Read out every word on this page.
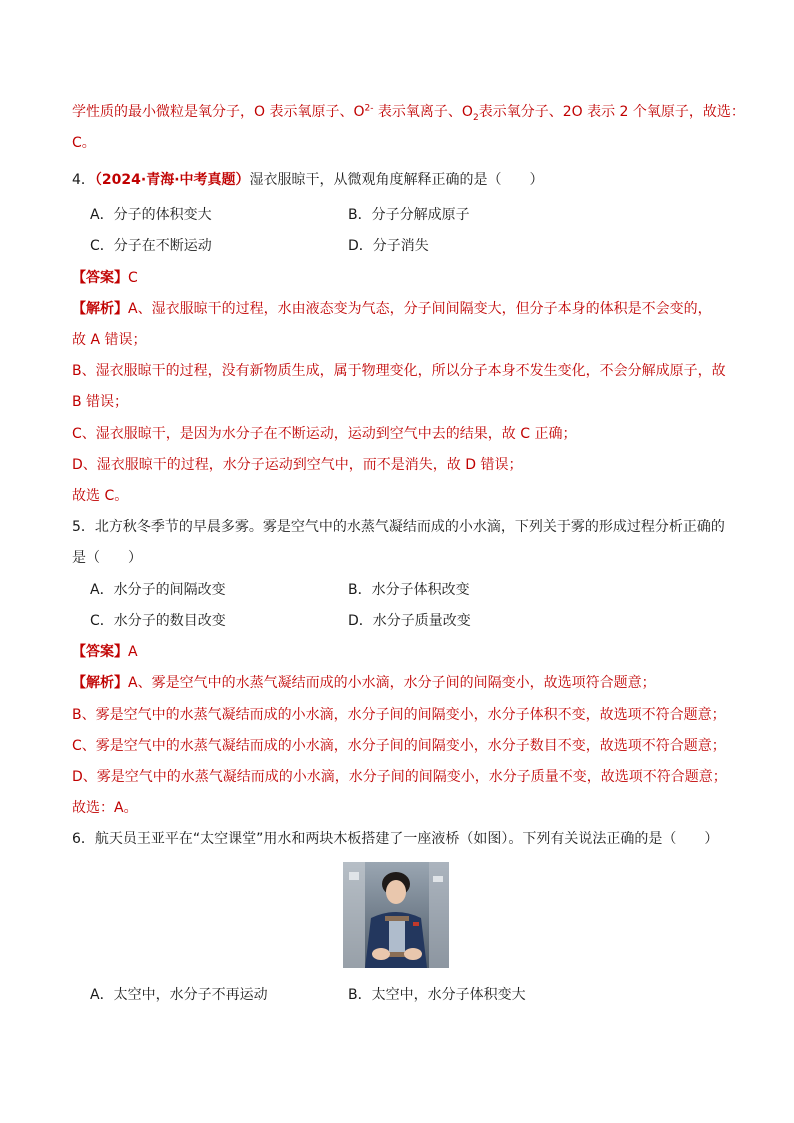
学性质的最小微粒是氧分子，O 表示氧原子、$O^{2-}$ 表示氧离子、$O_2$表示氧分子、2O 表示 2 个氧原子，故选：
C。
4．（2024·青海·中考真题）湿衣服晾干，从微观角度解释正确的是（　　）
A．分子的体积变大	B．分子分解成原子
C．分子在不断运动	D．分子消失
【答案】C
【解析】A、湿衣服晾干的过程，水由液态变为气态，分子间间隔变大，但分子本身的体积是不会变的，
故 A 错误；
B、湿衣服晾干的过程，没有新物质生成，属于物理变化，所以分子本身不发生变化，不会分解成原子，故
B 错误；
C、湿衣服晾干，是因为水分子在不断运动，运动到空气中去的结果，故 C 正确；
D、湿衣服晾干的过程，水分子运动到空气中，而不是消失，故 D 错误；
故选 C。
5．北方秋冬季节的早晨多雾。雾是空气中的水蒸气凝结而成的小水滴，下列关于雾的形成过程分析正确的
是（　　）
A．水分子的间隔改变	B．水分子体积改变
C．水分子的数目改变	D．水分子质量改变
【答案】A
【解析】A、雾是空气中的水蒸气凝结而成的小水滴，水分子间的间隔变小，故选项符合题意；
B、雾是空气中的水蒸气凝结而成的小水滴，水分子间的间隔变小，水分子体积不变，故选项不符合题意；
C、雾是空气中的水蒸气凝结而成的小水滴，水分子间的间隔变小，水分子数目不变，故选项不符合题意；
D、雾是空气中的水蒸气凝结而成的小水滴，水分子间的间隔变小，水分子质量不变，故选项不符合题意；
故选：A。
6．航天员王亚平在“太空课堂”用水和两块木板搭建了一座液桥（如图）。下列有关说法正确的是（　　）
A．太空中，水分子不再运动	B．太空中，水分子体积变大
